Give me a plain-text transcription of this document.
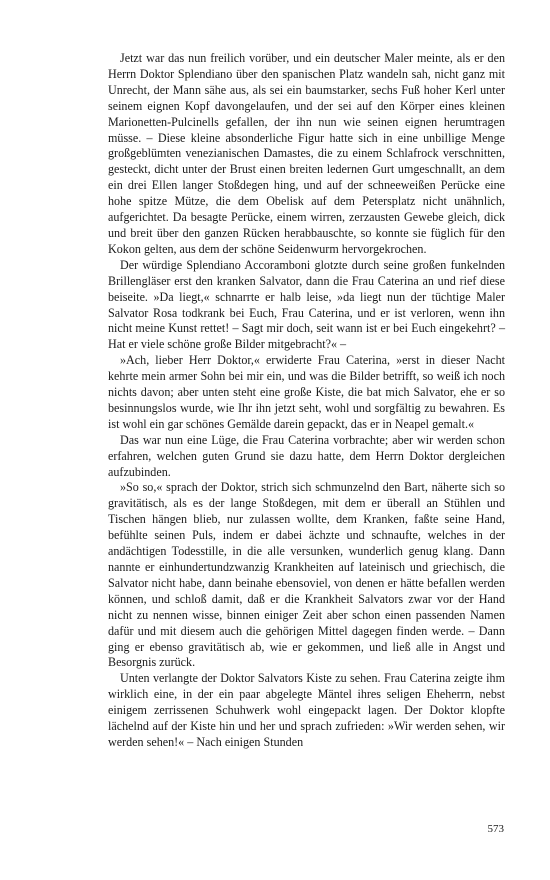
Jetzt war das nun freilich vorüber, und ein deutscher Maler meinte, als er den Herrn Doktor Splendiano über den spanischen Platz wandeln sah, nicht ganz mit Unrecht, der Mann sähe aus, als sei ein baumstarker, sechs Fuß hoher Kerl unter seinem eignen Kopf davongelaufen, und der sei auf den Körper eines kleinen Marionetten-Pulcinells gefallen, der ihn nun wie seinen eignen herumtragen müsse. – Diese kleine absonderliche Figur hatte sich in eine unbillige Menge großgeblümten venezianischen Damastes, die zu einem Schlafrock verschnitten, gesteckt, dicht unter der Brust einen breiten ledernen Gurt umgeschnallt, an dem ein drei Ellen langer Stoßdegen hing, und auf der schneeweißen Perücke eine hohe spitze Mütze, die dem Obelisk auf dem Petersplatz nicht unähnlich, aufgerichtet. Da besagte Perücke, einem wirren, zerzausten Gewebe gleich, dick und breit über den ganzen Rücken herabbauschte, so konnte sie füglich für den Kokon gelten, aus dem der schöne Seidenwurm hervorgekrochen.

Der würdige Splendiano Accoramboni glotzte durch seine großen funkelnden Brillengläser erst den kranken Salvator, dann die Frau Caterina an und rief diese beiseite. »Da liegt,« schnarrte er halb leise, »da liegt nun der tüchtige Maler Salvator Rosa todkrank bei Euch, Frau Caterina, und er ist verloren, wenn ihn nicht meine Kunst rettet! – Sagt mir doch, seit wann ist er bei Euch eingekehrt? – Hat er viele schöne große Bilder mitgebracht?« –

»Ach, lieber Herr Doktor,« erwiderte Frau Caterina, »erst in dieser Nacht kehrte mein armer Sohn bei mir ein, und was die Bilder betrifft, so weiß ich noch nichts davon; aber unten steht eine große Kiste, die bat mich Salvator, ehe er so besinnungslos wurde, wie Ihr ihn jetzt seht, wohl und sorgfältig zu bewahren. Es ist wohl ein gar schönes Gemälde darein gepackt, das er in Neapel gemalt.«

Das war nun eine Lüge, die Frau Caterina vorbrachte; aber wir werden schon erfahren, welchen guten Grund sie dazu hatte, dem Herrn Doktor dergleichen aufzubinden.

»So so,« sprach der Doktor, strich sich schmunzelnd den Bart, näherte sich so gravitätisch, als es der lange Stoßdegen, mit dem er überall an Stühlen und Tischen hängen blieb, nur zulassen wollte, dem Kranken, faßte seine Hand, befühlte seinen Puls, indem er dabei ächzte und schnaufte, welches in der andächtigen Todesstille, in die alle versunken, wunderlich genug klang. Dann nannte er einhundertundzwanzig Krankheiten auf lateinisch und griechisch, die Salvator nicht habe, dann beinahe ebensoviel, von denen er hätte befallen werden können, und schloß damit, daß er die Krankheit Salvators zwar vor der Hand nicht zu nennen wisse, binnen einiger Zeit aber schon einen passenden Namen dafür und mit diesem auch die gehörigen Mittel dagegen finden werde. – Dann ging er ebenso gravitätisch ab, wie er gekommen, und ließ alle in Angst und Besorgnis zurück.

Unten verlangte der Doktor Salvators Kiste zu sehen. Frau Caterina zeigte ihm wirklich eine, in der ein paar abgelegte Mäntel ihres seligen Eheherrn, nebst einigem zerrissenen Schuhwerk wohl eingepackt lagen. Der Doktor klopfte lächelnd auf der Kiste hin und her und sprach zufrieden: »Wir werden sehen, wir werden sehen!« – Nach einigen Stunden

573
